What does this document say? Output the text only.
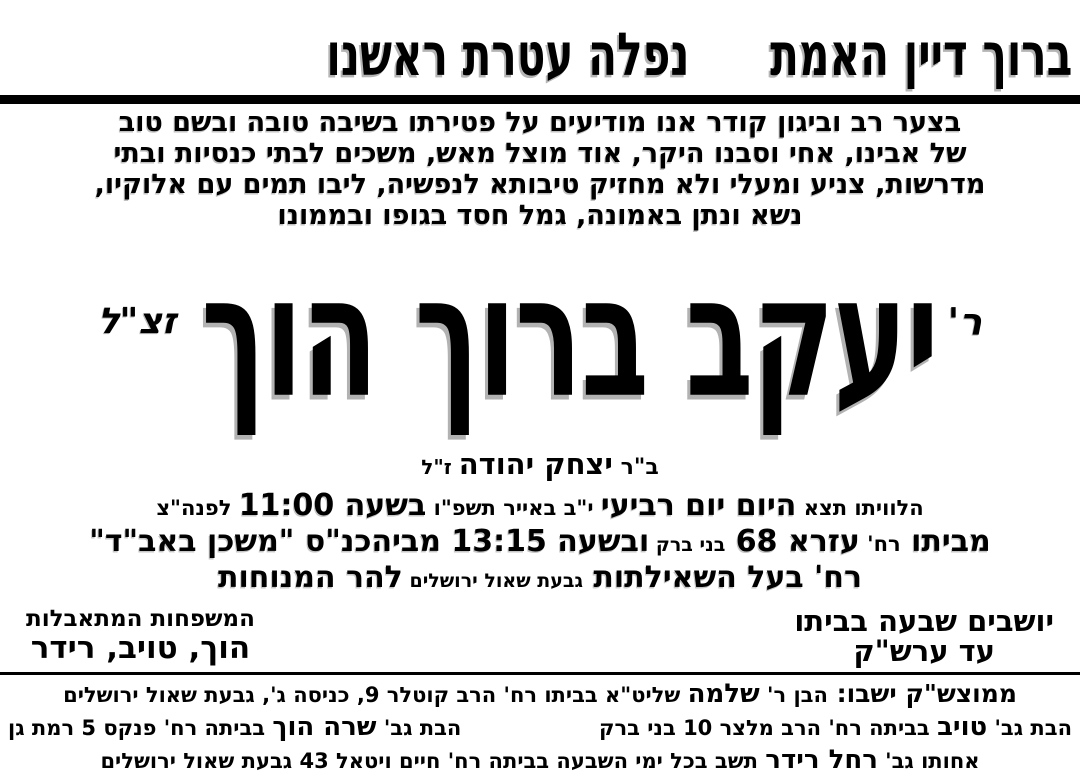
ברוך דיין האמת
נפלה עטרת ראשנו
בצער רב וביגון קודר אנו מודיעים על פטירתו בשיבה טובה ובשם טוב
של אבינו, אחי וסבנו היקר, אוד מוצל מאש, משכים לבתי כנסיות ובתי
מדרשות, צניע ומעלי ולא מחזיק טיבותא לנפשיה, ליבו תמים עם אלוקיו,
נשא ונתן באמונה, גמל חסד בגופו ובממונו
ר'
יעקב ברוך הוך
זצ"ל
ב"ר יצחק יהודה ז"ל
הלוויתו תצא היום יום רביעי י"ב באייר תשפ"ו בשעה 11:00 לפנה"צ
מביתו רח' עזרא 68 בני ברק ובשעה 13:15 מביהכנ"ס "משכן באב"ד"
רח' בעל השאילתות גבעת שאול ירושלים להר המנוחות
יושבים שבעה בביתו
עד ערש"ק
המשפחות המתאבלות
הוך, טויב, רידר
ממוצש"ק ישבו: הבן ר' שלמה שליט"א בביתו רח' הרב קוטלר 9, כניסה ג', גבעת שאול ירושלים
הבת גב' טויב בביתה רח' הרב מלצר 10 בני ברק
הבת גב' שרה הוך בביתה רח' פנקס 5 רמת גן
אחותו גב' רחל רידר תשב בכל ימי השבעה בביתה רח' חיים ויטאל 43 גבעת שאול ירושלים
